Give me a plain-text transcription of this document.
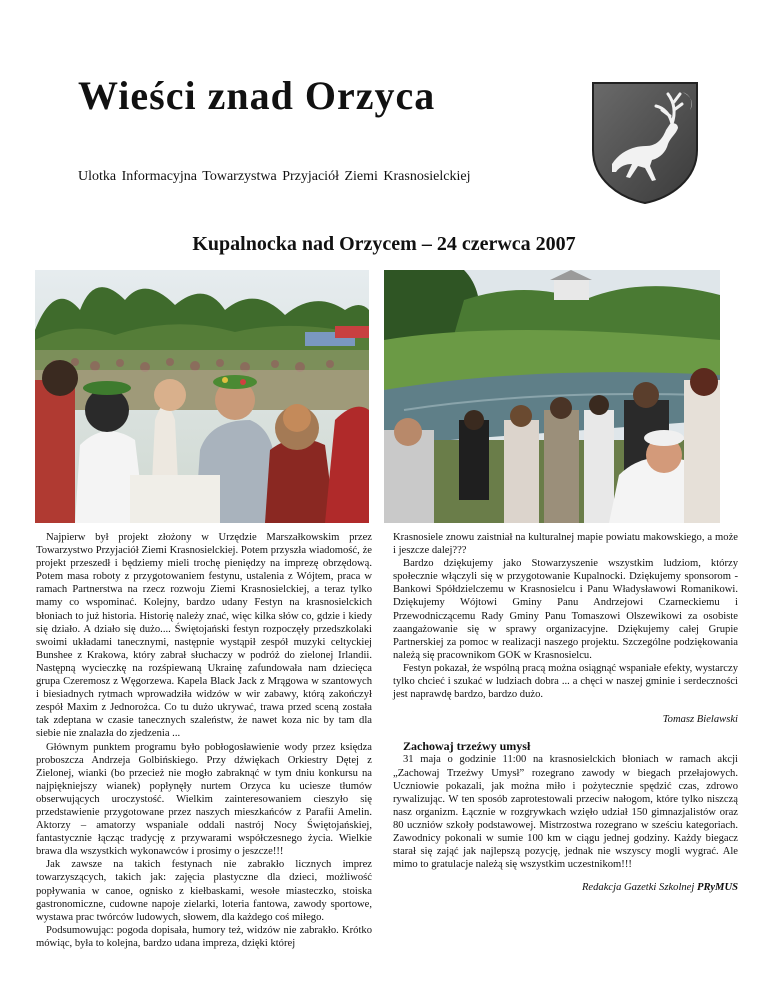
Wieści znad Orzyca
Ulotka Informacyjna Towarzystwa Przyjaciół Ziemi Krasnosielckiej
Kupalnocka nad Orzycem – 24 czerwca 2007

Najpierw był projekt złożony w Urzędzie Marszałkowskim przez Towarzystwo Przyjaciół Ziemi Krasnosielckiej. Potem przyszła wiadomość, że projekt przeszedł i będziemy mieli trochę pieniędzy na imprezę obrzędową. Potem masa roboty z przygotowaniem festynu, ustalenia z Wójtem, praca w ramach Partnerstwa na rzecz rozwoju Ziemi Krasnosielckiej, a teraz tylko mamy co wspominać. Kolejny, bardzo udany Festyn na krasnosielckich błoniach to już historia. Historię należy znać, więc kilka słów co, gdzie i kiedy się działo. A działo się dużo.... Świętojański festyn rozpoczęły przedszkolaki swoimi układami tanecznymi, następnie wystąpił zespół muzyki celtyckiej Bunshee z Krakowa, który zabrał słuchaczy w podróż do zielonej Irlandii. Następną wycieczkę na rozśpiewaną Ukrainę zafundowała nam dziecięca grupa Czeremosz z Węgorzewa. Kapela Black Jack z Mrągowa w szantowych i biesiadnych rytmach wprowadziła widzów w wir zabawy, którą zakończył zespół Maxim z Jednorożca. Co tu dużo ukrywać, trawa przed sceną została tak zdeptana w czasie tanecznych szaleństw, że nawet koza nic by tam dla siebie nie znalazła do zjedzenia ...

Głównym punktem programu było pobłogosławienie wody przez księdza proboszcza Andrzeja Golbińskiego. Przy dźwiękach Orkiestry Dętej z Zielonej, wianki (bo przecież nie mogło zabraknąć w tym dniu konkursu na najpiękniejszy wianek) popłynęły nurtem Orzyca ku uciesze tłumów obserwujących uroczystość. Wielkim zainteresowaniem cieszyło się przedstawienie przygotowane przez naszych mieszkańców z Parafii Amelin. Aktorzy – amatorzy wspaniale oddali nastrój Nocy Świętojańskiej, fantastycznie łącząc tradycję z przywarami współczesnego życia. Wielkie brawa dla wszystkich wykonawców i prosimy o jeszcze!!!

Jak zawsze na takich festynach nie zabrakło licznych imprez towarzyszących, takich jak: zajęcia plastyczne dla dzieci, możliwość popływania w canoe, ognisko z kiełbaskami, wesołe miasteczko, stoiska gastronomiczne, cudowne napoje zielarki, loteria fantowa, zawody sportowe, wystawa prac twórców ludowych, słowem, dla każdego coś miłego.

Podsumowując: pogoda dopisała, humory też, widzów nie zabrakło. Krótko mówiąc, była to kolejna, bardzo udana impreza, dzięki której

Krasnosiele znowu zaistniał na kulturalnej mapie powiatu makowskiego, a może i jeszcze dalej???

Bardzo dziękujemy jako Stowarzyszenie wszystkim ludziom, którzy społecznie włączyli się w przygotowanie Kupalnocki. Dziękujemy sponsorom - Bankowi Spółdzielczemu w Krasnosielcu i Panu Władysławowi Romanikowi. Dziękujemy Wójtowi Gminy Panu Andrzejowi Czarneckiemu i Przewodniczącemu Rady Gminy Panu Tomaszowi Olszewikowi za osobiste zaangażowanie się w sprawy organizacyjne. Dziękujemy całej Grupie Partnerskiej za pomoc w realizacji naszego projektu. Szczególne podziękowania należą się pracownikom GOK w Krasnosielcu.

Festyn pokazał, że wspólną pracą można osiągnąć wspaniałe efekty, wystarczy tylko chcieć i szukać w ludziach dobra ... a chęci w naszej gminie i serdeczności jest naprawdę bardzo, bardzo dużo.

Tomasz Bielawski

Zachowaj trzeźwy umysł

31 maja o godzinie 11:00 na krasnosielckich błoniach w ramach akcji „Zachowaj Trzeźwy Umysł” rozegrano zawody w biegach przełajowych. Uczniowie pokazali, jak można miło i pożytecznie spędzić czas, zdrowo rywalizując. W ten sposób zaprotestowali przeciw nałogom, które tylko niszczą nasz organizm. Łącznie w rozgrywkach wzięło udział 150 gimnazjalistów oraz 80 uczniów szkoły podstawowej. Mistrzostwa rozegrano w sześciu kategoriach. Zawodnicy pokonali w sumie 100 km w ciągu jednej godziny. Każdy biegacz starał się zająć jak najlepszą pozycję, jednak nie wszyscy mogli wygrać. Ale mimo to gratulacje należą się wszystkim uczestnikom!!!

Redakcja Gazetki Szkolnej PRyMUS
